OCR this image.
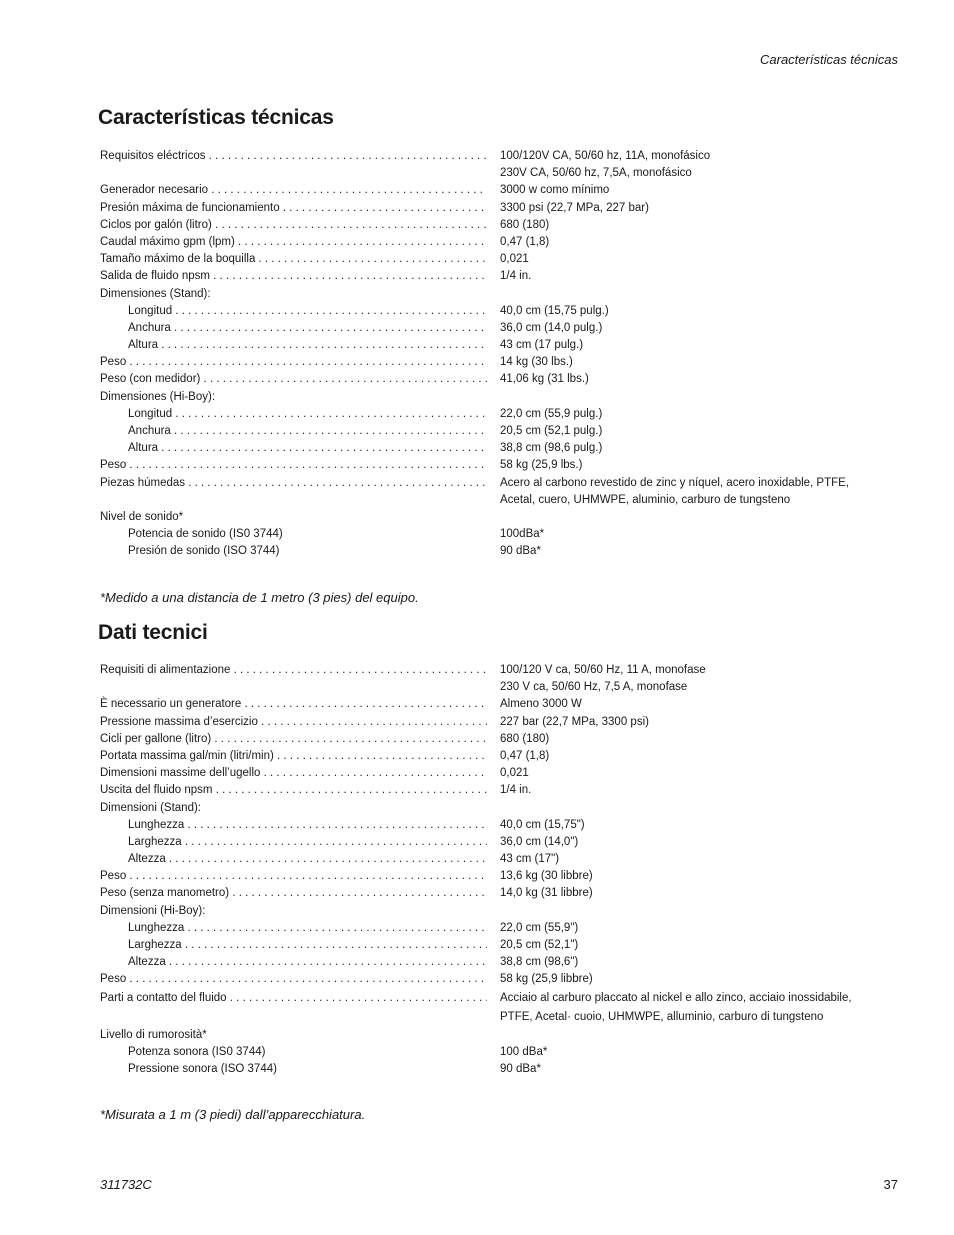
Características técnicas
Características técnicas
Requisitos eléctricos . . .	100/120V CA, 50/60 hz, 11A, monofásico
230V CA, 50/60 hz, 7,5A, monofásico
Generador necesario . . .	3000 w como mínimo
Presión máxima de funcionamiento . . .	3300 psi (22,7 MPa, 227 bar)
Ciclos por galón (litro) . . .	680 (180)
Caudal máximo gpm (lpm) . . .	0,47 (1,8)
Tamaño máximo de la boquilla . . .	0,021
Salida de fluido npsm . . .	1/4 in.
Dimensiones (Stand):
Longitud . . .	40,0 cm (15,75 pulg.)
Anchura . . .	36,0 cm (14,0 pulg.)
Altura . . .	43 cm (17 pulg.)
Peso . . .	14 kg (30 lbs.)
Peso (con medidor) . . .	41,06 kg (31 lbs.)
Dimensiones (Hi-Boy):
Longitud . . .	22,0 cm (55,9 pulg.)
Anchura . . .	20,5 cm (52,1 pulg.)
Altura . . .	38,8 cm (98,6 pulg.)
Peso . . .	58 kg (25,9 lbs.)
Piezas húmedas . . .	Acero al carbono revestido de zinc y níquel, acero inoxidable, PTFE,
Acetal, cuero, UHMWPE, aluminio, carburo de tungsteno
Nivel de sonido*
Potencia de sonido (IS0 3744)	100dBa*
Presión de sonido (ISO 3744)	90 dBa*
*Medido a una distancia de 1 metro (3 pies) del equipo.
Dati tecnici
Requisiti di alimentazione . . .	100/120 V ca, 50/60 Hz, 11 A, monofase
230 V ca, 50/60 Hz, 7,5 A, monofase
È necessario un generatore . . .	Almeno 3000 W
Pressione massima d’esercizio . . .	227 bar (22,7 MPa, 3300 psi)
Cicli per gallone (litro) . . .	680 (180)
Portata massima gal/min (litri/min) . . .	0,47 (1,8)
Dimensioni massime dell’ugello . . .	0,021
Uscita del fluido npsm . . .	1/4 in.
Dimensioni (Stand):
Lunghezza . . .	40,0 cm (15,75")
Larghezza . . .	36,0 cm (14,0")
Altezza . . .	43 cm (17")
Peso . . .	13,6 kg (30 libbre)
Peso (senza manometro) . . .	14,0 kg (31 libbre)
Dimensioni (Hi-Boy):
Lunghezza . . .	22,0 cm (55,9")
Larghezza . . .	20,5 cm (52,1")
Altezza . . .	38,8 cm (98,6")
Peso . . .	58 kg (25,9 libbre)
Parti a contatto del fluido . . .	Acciaio al carburo placcato al nickel e allo zinco, acciaio inossidabile,
PTFE, Acetal· cuoio, UHMWPE, alluminio, carburo di tungsteno
Livello di rumorosità*
Potenza sonora (IS0 3744)	100 dBa*
Pressione sonora (ISO 3744)	90 dBa*
*Misurata a 1 m (3 piedi) dall’apparecchiatura.
311732C	37
